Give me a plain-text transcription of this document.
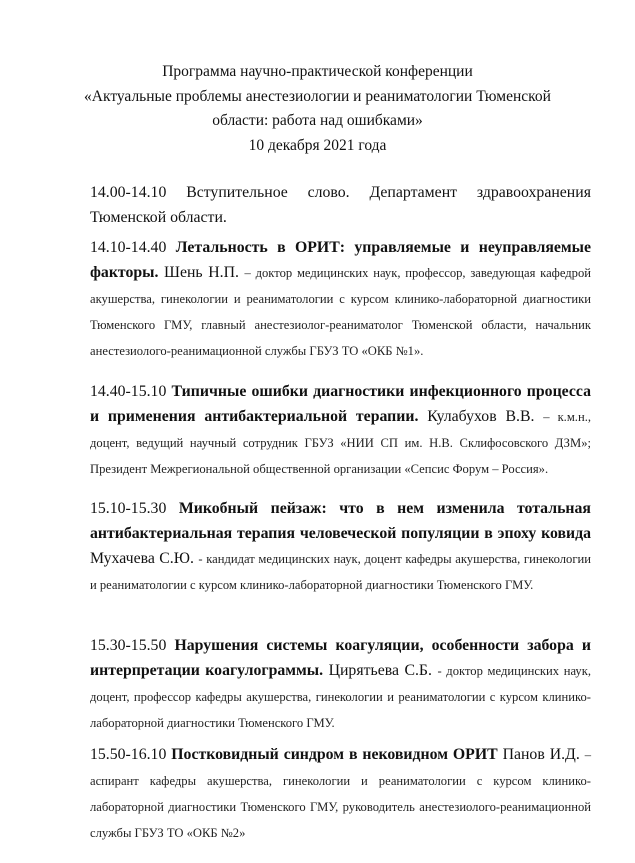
Программа научно-практической конференции
«Актуальные проблемы анестезиологии и реаниматологии Тюменской
области: работа над ошибками»
10 декабря 2021 года
14.00-14.10 Вступительное слово. Департамент здравоохранения Тюменской области.
14.10-14.40 Летальность в ОРИТ: управляемые и неуправляемые факторы. Шень Н.П. – доктор медицинских наук, профессор, заведующая кафедрой акушерства, гинекологии и реаниматологии с курсом клинико-лабораторной диагностики Тюменского ГМУ, главный анестезиолог-реаниматолог Тюменской области, начальник анестезиолого-реанимационной службы ГБУЗ ТО «ОКБ №1».
14.40-15.10 Типичные ошибки диагностики инфекционного процесса и применения антибактериальной терапии. Кулабухов В.В. – к.м.н., доцент, ведущий научный сотрудник ГБУЗ «НИИ СП им. Н.В. Склифосовского ДЗМ»; Президент Межрегиональной общественной организации «Сепсис Форум – Россия».
15.10-15.30 Микобный пейзаж: что в нем изменила тотальная антибактериальная терапия человеческой популяции в эпоху ковида Мухачева С.Ю. - кандидат медицинских наук, доцент кафедры акушерства, гинекологии и реаниматологии с курсом клинико-лабораторной диагностики Тюменского ГМУ.
15.30-15.50 Нарушения системы коагуляции, особенности забора и интерпретации коагулограммы. Цирятьева С.Б. - доктор медицинских наук, доцент, профессор кафедры акушерства, гинекологии и реаниматологии с курсом клинико-лабораторной диагностики Тюменского ГМУ.
15.50-16.10 Постковидный синдром в нековидном ОРИТ Панов И.Д. – аспирант кафедры акушерства, гинекологии и реаниматологии с курсом клинико-лабораторной диагностики Тюменского ГМУ, руководитель анестезиолого-реанимационной службы ГБУЗ ТО «ОКБ №2»
